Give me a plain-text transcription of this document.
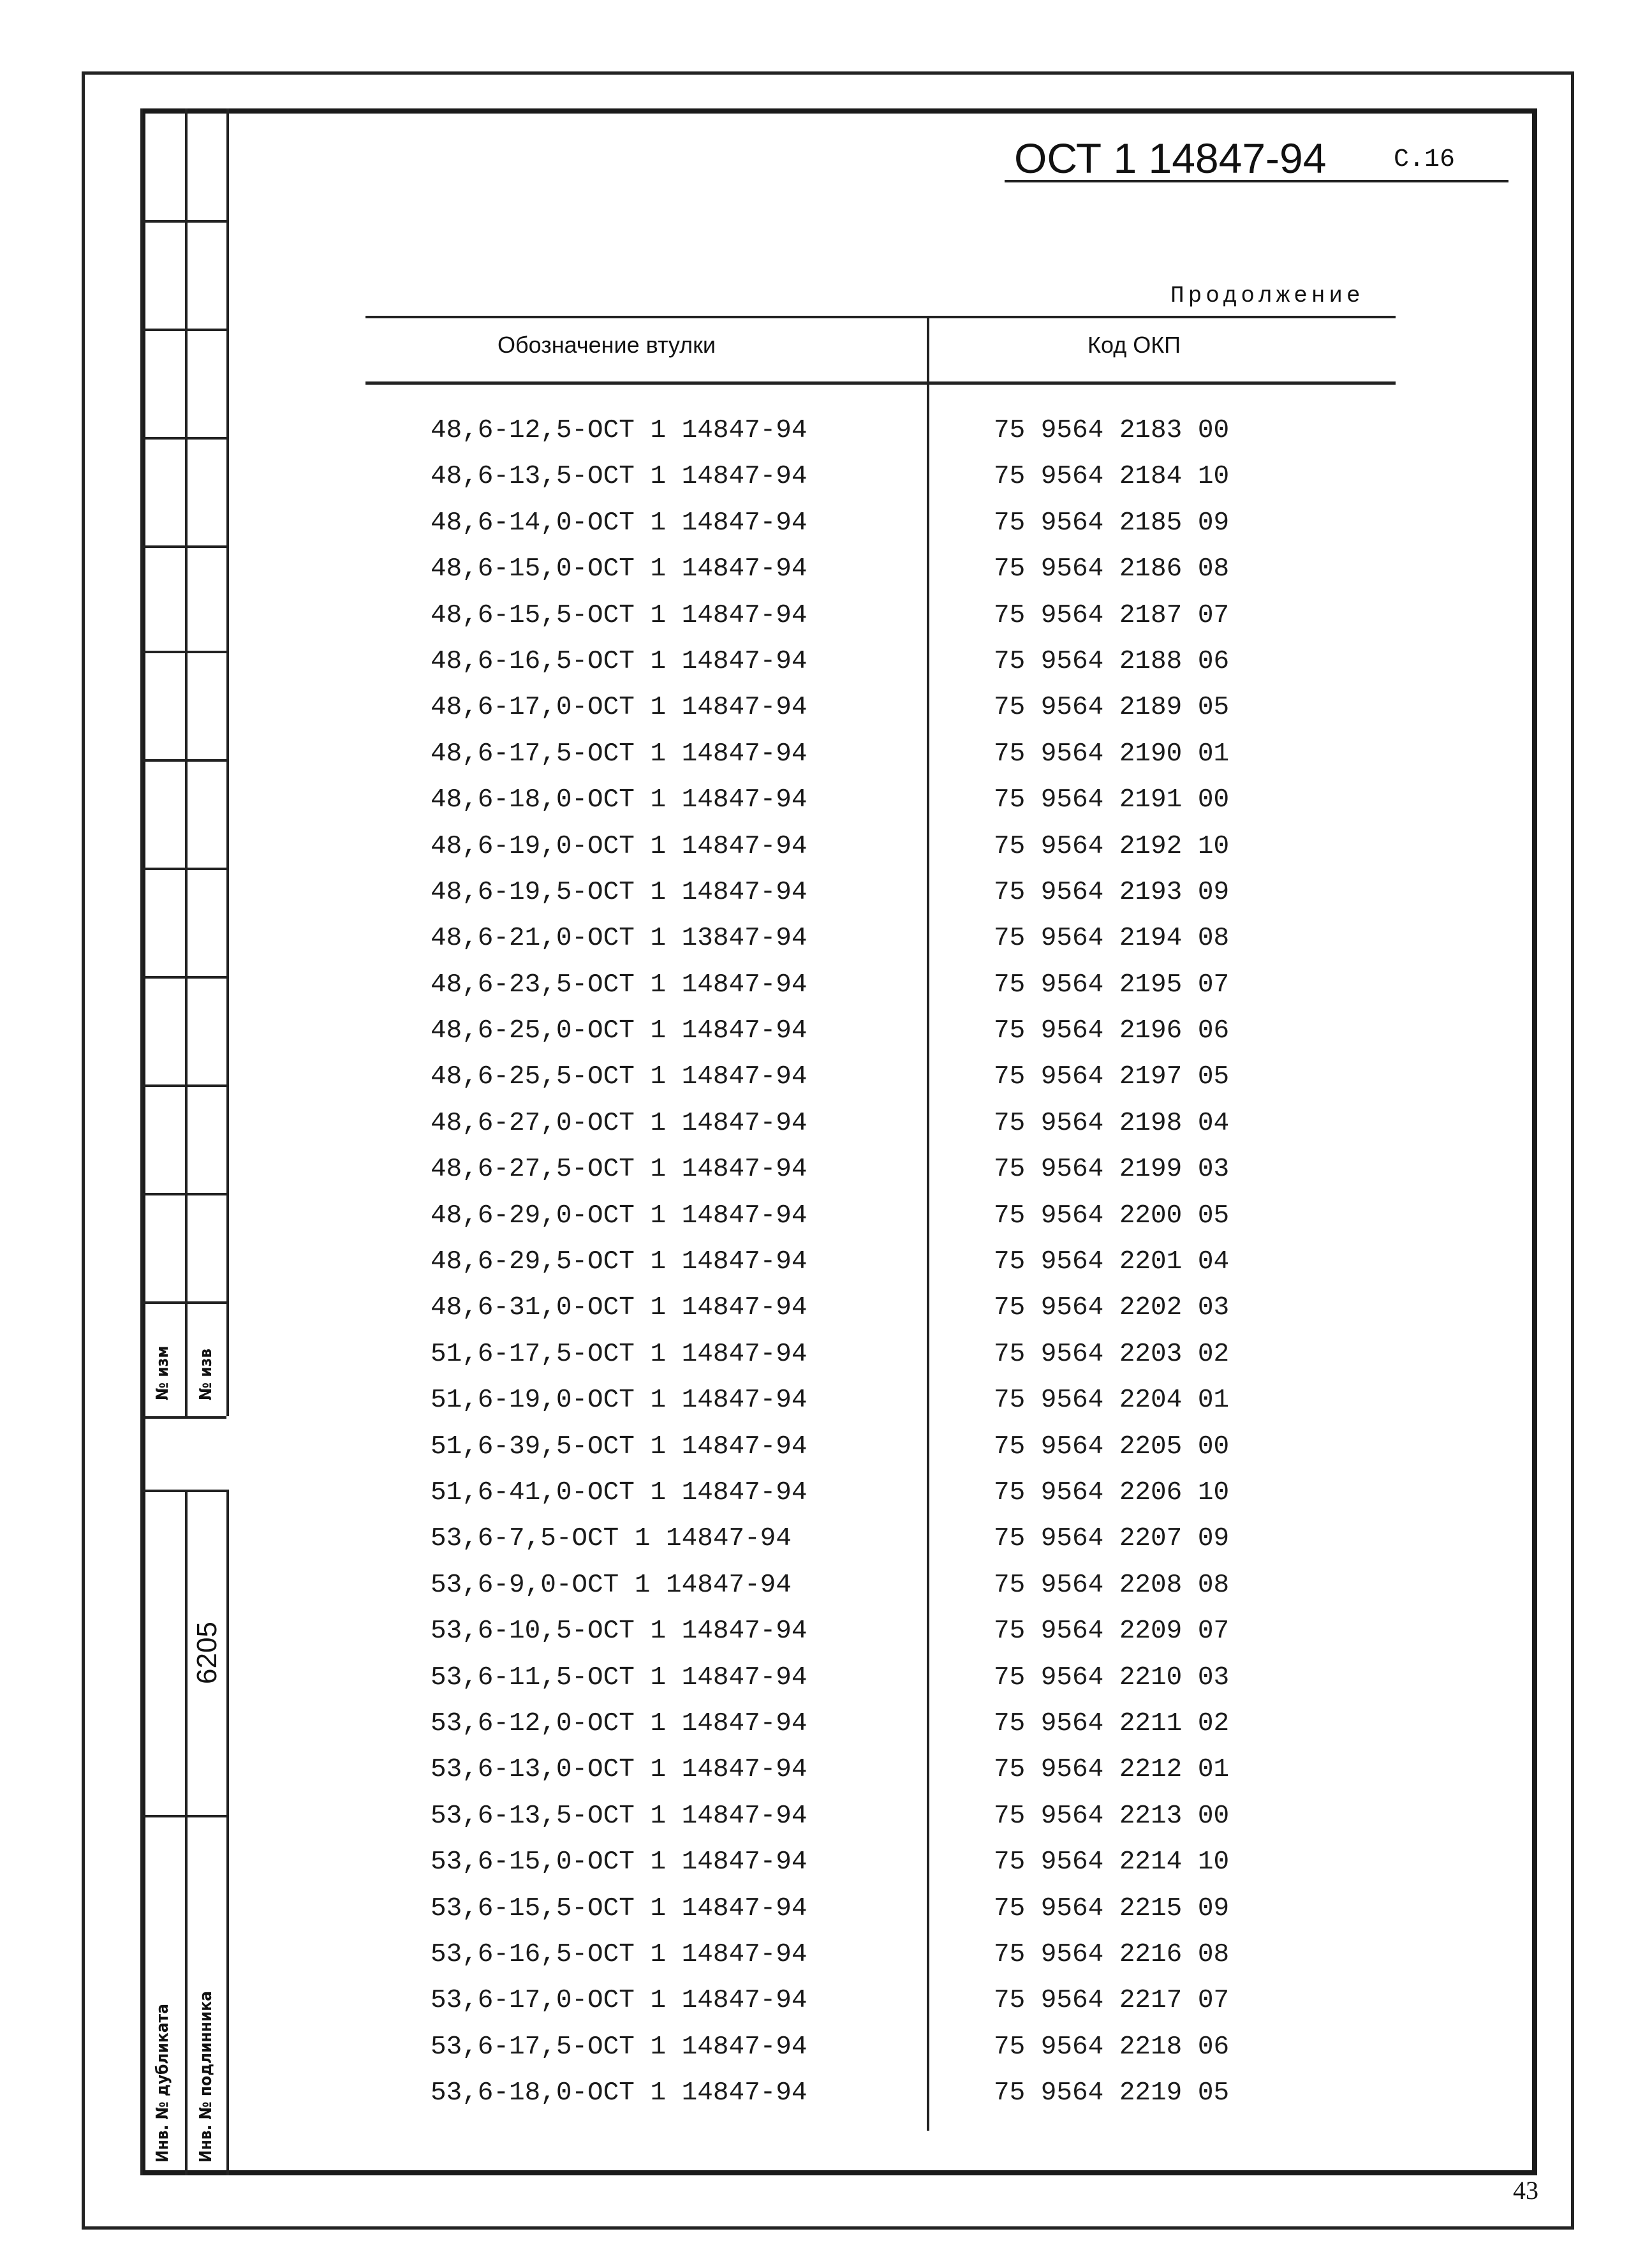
№ изм № изв
Инв. № дубликата Инв. № подлинника
6205
ОСТ 1 14847-94	С.16
Продолжение
Обозначение втулки	Код ОКП
48,6-12,5-ОСТ 1 14847-94	75 9564 2183 00
48,6-13,5-ОСТ 1 14847-94	75 9564 2184 10
48,6-14,0-ОСТ 1 14847-94	75 9564 2185 09
48,6-15,0-ОСТ 1 14847-94	75 9564 2186 08
48,6-15,5-ОСТ 1 14847-94	75 9564 2187 07
48,6-16,5-ОСТ 1 14847-94	75 9564 2188 06
48,6-17,0-ОСТ 1 14847-94	75 9564 2189 05
48,6-17,5-ОСТ 1 14847-94	75 9564 2190 01
48,6-18,0-ОСТ 1 14847-94	75 9564 2191 00
48,6-19,0-ОСТ 1 14847-94	75 9564 2192 10
48,6-19,5-ОСТ 1 14847-94	75 9564 2193 09
48,6-21,0-ОСТ 1 13847-94	75 9564 2194 08
48,6-23,5-ОСТ 1 14847-94	75 9564 2195 07
48,6-25,0-ОСТ 1 14847-94	75 9564 2196 06
48,6-25,5-ОСТ 1 14847-94	75 9564 2197 05
48,6-27,0-ОСТ 1 14847-94	75 9564 2198 04
48,6-27,5-ОСТ 1 14847-94	75 9564 2199 03
48,6-29,0-ОСТ 1 14847-94	75 9564 2200 05
48,6-29,5-ОСТ 1 14847-94	75 9564 2201 04
48,6-31,0-ОСТ 1 14847-94	75 9564 2202 03
51,6-17,5-ОСТ 1 14847-94	75 9564 2203 02
51,6-19,0-ОСТ 1 14847-94	75 9564 2204 01
51,6-39,5-ОСТ 1 14847-94	75 9564 2205 00
51,6-41,0-ОСТ 1 14847-94	75 9564 2206 10
53,6-7,5-ОСТ 1 14847-94	75 9564 2207 09
53,6-9,0-ОСТ 1 14847-94	75 9564 2208 08
53,6-10,5-ОСТ 1 14847-94	75 9564 2209 07
53,6-11,5-ОСТ 1 14847-94	75 9564 2210 03
53,6-12,0-ОСТ 1 14847-94	75 9564 2211 02
53,6-13,0-ОСТ 1 14847-94	75 9564 2212 01
53,6-13,5-ОСТ 1 14847-94	75 9564 2213 00
53,6-15,0-ОСТ 1 14847-94	75 9564 2214 10
53,6-15,5-ОСТ 1 14847-94	75 9564 2215 09
53,6-16,5-ОСТ 1 14847-94	75 9564 2216 08
53,6-17,0-ОСТ 1 14847-94	75 9564 2217 07
53,6-17,5-ОСТ 1 14847-94	75 9564 2218 06
53,6-18,0-ОСТ 1 14847-94	75 9564 2219 05
43
